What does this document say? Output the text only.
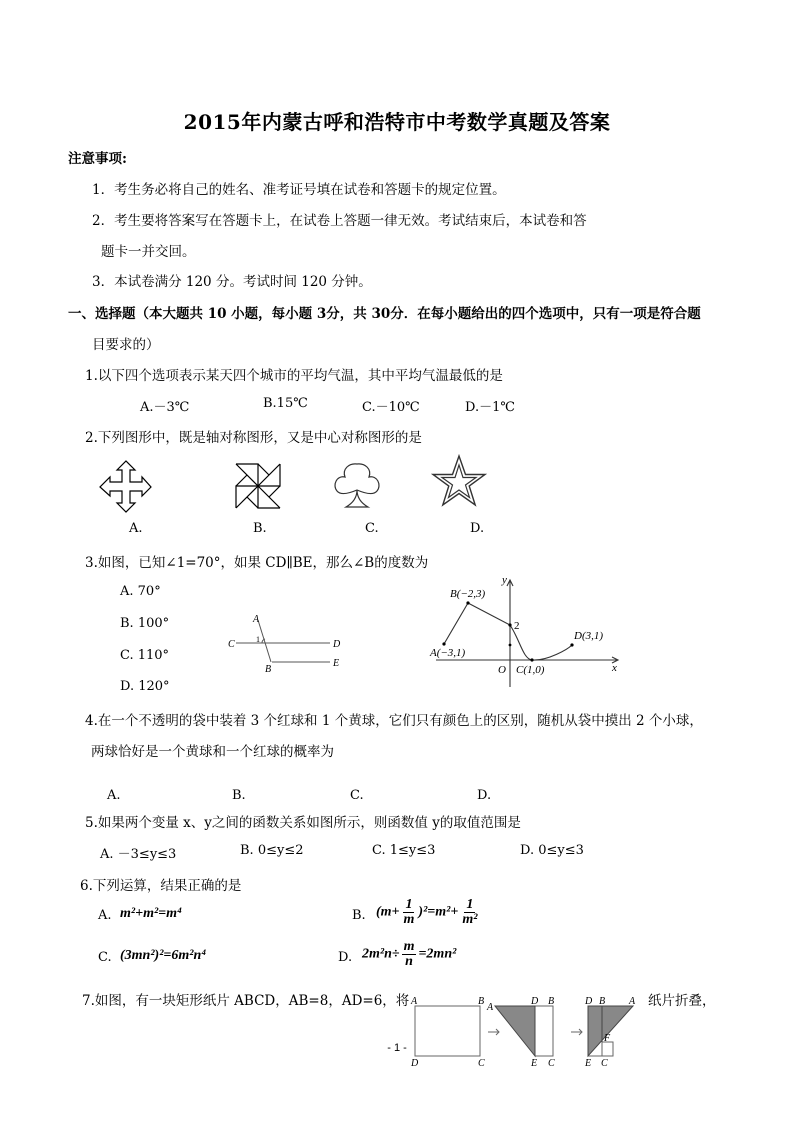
2015年内蒙古呼和浩特市中考数学真题及答案
注意事项:
1．考生务必将自己的姓名、准考证号填在试卷和答题卡的规定位置。
2．考生要将答案写在答题卡上，在试卷上答题一律无效。考试结束后，本试卷和答
题卡一并交回。
3．本试卷满分 120 分。考试时间 120 分钟。
一、选择题（本大题共 10 小题，每小题 3分，共 30分．在每小题给出的四个选项中，只有一项是符合题
目要求的）
1.以下四个选项表示某天四个城市的平均气温，其中平均气温最低的是
A.－3℃	B.15℃	C.－10℃	D.－1℃
2.下列图形中，既是轴对称图形，又是中心对称图形的是
A.	B.	C.	D.
3.如图，已知∠1=70°，如果 CD∥BE，那么∠B的度数为
A. 70°
B. 100°
C. 110°
D. 120°
A
C	1	D
B
E
y
x
O
A(−3,1)
B(−2,3)
C(1,0)
D(3,1)
2
4.在一个不透明的袋中装着 3 个红球和 1 个黄球，它们只有颜色上的区别，随机从袋中摸出 2 个小球，
两球恰好是一个黄球和一个红球的概率为
A.	B.	C.	D.
5.如果两个变量 x、y之间的函数关系如图所示，则函数值 y的取值范围是
A. －3≤y≤3	B. 0≤y≤2	C. 1≤y≤3	D. 0≤y≤3
6.下列运算，结果正确的是
A. m²+m²=m⁴	B. $(m+ \frac{1}{m} )^2=m^2+ \frac{1}{\text{m²}}$
C. (3mn²)²=6m²n⁴	D. $2m^2n\div \frac{m}{n} =2mn^2$
7.如图，有一块矩形纸片 ABCD，AB=8，AD=6，将	纸片折叠，
A	B
D	C
A
D B
E C
D B A
F
E C
- 1 -
